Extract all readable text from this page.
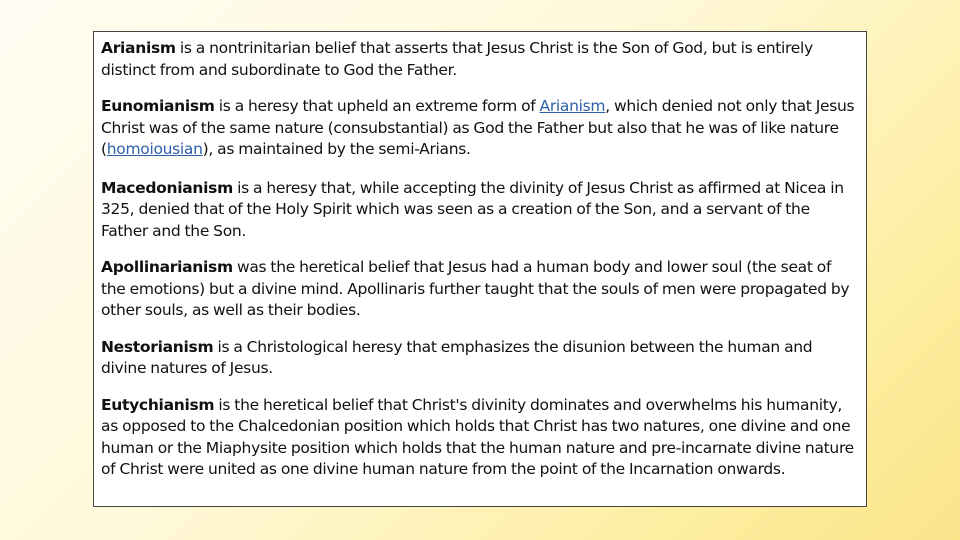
Arianism is a nontrinitarian belief that asserts that Jesus Christ is the Son of God, but is entirely distinct from and subordinate to God the Father.

Eunomianism is a heresy that upheld an extreme form of Arianism, which denied not only that Jesus Christ was of the same nature (consubstantial) as God the Father but also that he was of like nature (homoiousian), as maintained by the semi-Arians.

Macedonianism is a heresy that, while accepting the divinity of Jesus Christ as affirmed at Nicea in 325, denied that of the Holy Spirit which was seen as a creation of the Son, and a servant of the Father and the Son.

Apollinarianism was the heretical belief that Jesus had a human body and lower soul (the seat of the emotions) but a divine mind. Apollinaris further taught that the souls of men were propagated by other souls, as well as their bodies.

Nestorianism is a Christological heresy that emphasizes the disunion between the human and divine natures of Jesus.

Eutychianism is the heretical belief that Christ's divinity dominates and overwhelms his humanity, as opposed to the Chalcedonian position which holds that Christ has two natures, one divine and one human or the Miaphysite position which holds that the human nature and pre-incarnate divine nature of Christ were united as one divine human nature from the point of the Incarnation onwards.
